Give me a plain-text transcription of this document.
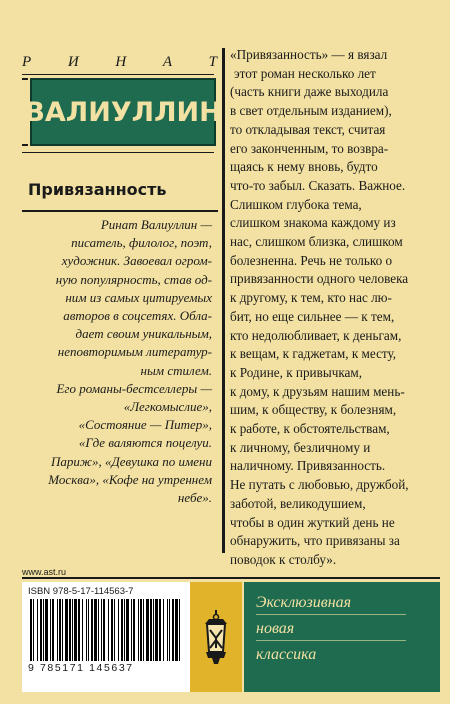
Р И Н А Т
ВАЛИУЛЛИН
Привязанность
Ринат Валиуллин —
писатель, филолог, поэт,
художник. Завоевал огром-
ную популярность, став од-
ним из самых цитируемых
авторов в соцсетях. Обла-
дает своим уникальным,
неповторимым литератур-
ным стилем.
Его романы-бестселлеры —
«Легкомыслие»,
«Состояние — Питер»,
«Где валяются поцелуи.
Париж», «Девушка по имени
Москва», «Кофе на утреннем
небе».
«Привязанность» — я вязал
этот роман несколько лет
(часть книги даже выходила
в свет отдельным изданием),
то откладывая текст, считая
его законченным, то возвра-
щаясь к нему вновь, будто
что-то забыл. Сказать. Важное.
Слишком глубока тема,
слишком знакома каждому из
нас, слишком близка, слишком
болезненна. Речь не только о
привязанности одного человека
к другому, к тем, кто нас лю-
бит, но еще сильнее — к тем,
кто недолюбливает, к деньгам,
к вещам, к гаджетам, к месту,
к Родине, к привычкам,
к дому, к друзьям нашим мень-
шим, к обществу, к болезням,
к работе, к обстоятельствам,
к личному, безличному и
наличному. Привязанность.
Не путать с любовью, дружбой,
заботой, великодушием,
чтобы в один жуткий день не
обнаружить, что привязаны за
поводок к столбу».
www.ast.ru
ISBN 978-5-17-114563-7
9 785171 145637
Эксклюзивная
новая
классика
